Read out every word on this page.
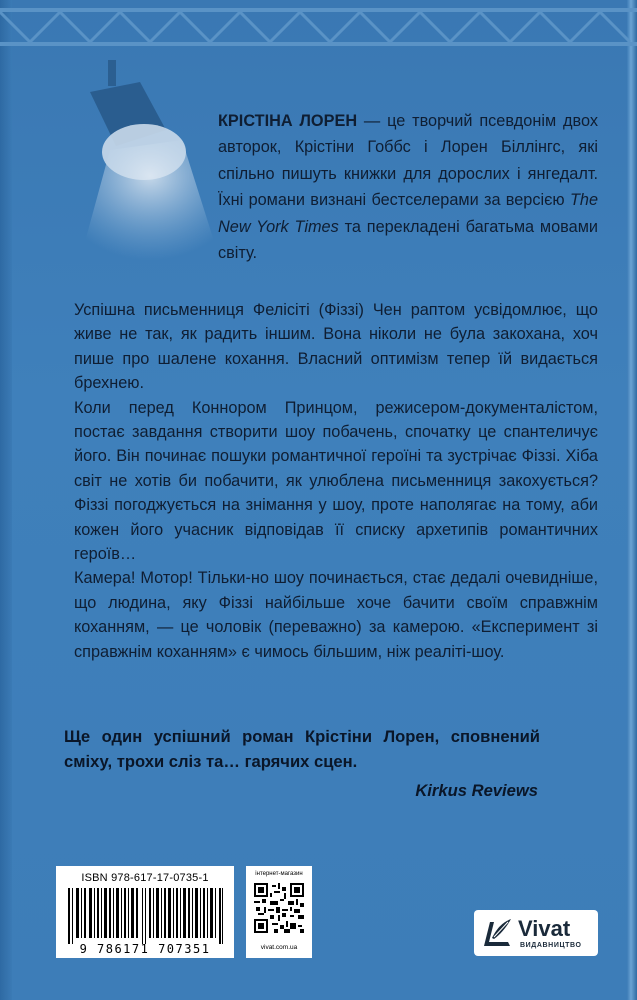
КРІСТІНА ЛОРЕН — це творчий псевдонім двох авторок, Крістіни Гоббс і Лорен Біллінгс, які спільно пишуть книжки для дорослих і янгедалт. Їхні романи визнані бестселерами за версією The New York Times та перекладені багатьма мовами світу.

Успішна письменниця Фелісіті (Фіззі) Чен раптом усвідомлює, що живе не так, як радить іншим. Вона ніколи не була закохана, хоч пише про шалене кохання. Власний оптимізм тепер їй видається брехнею.

Коли перед Коннором Принцом, режисером-документалістом, постає завдання створити шоу побачень, спочатку це спантеличує його. Він починає пошуки романтичної героїні та зустрічає Фіззі. Хіба світ не хотів би побачити, як улюблена письменниця закохується? Фіззі погоджується на знімання у шоу, проте наполягає на тому, аби кожен його учасник відповідав її списку архетипів романтичних героїв…

Камера! Мотор! Тільки-но шоу починається, стає дедалі очевидніше, що людина, яку Фіззі найбільше хоче бачити своїм справжнім коханням, — це чоловік (переважно) за камерою. «Експеримент зі справжнім коханням» є чимось більшим, ніж реаліті-шоу.

Ще один успішний роман Крістіни Лорен, сповнений сміху, трохи сліз та… гарячих сцен.

Kirkus Reviews

ISBN 978-617-17-0735-1
9 786171 707351
інтернет-магазин
vivat.com.ua
Vivat
ВИДАВНИЦТВО
